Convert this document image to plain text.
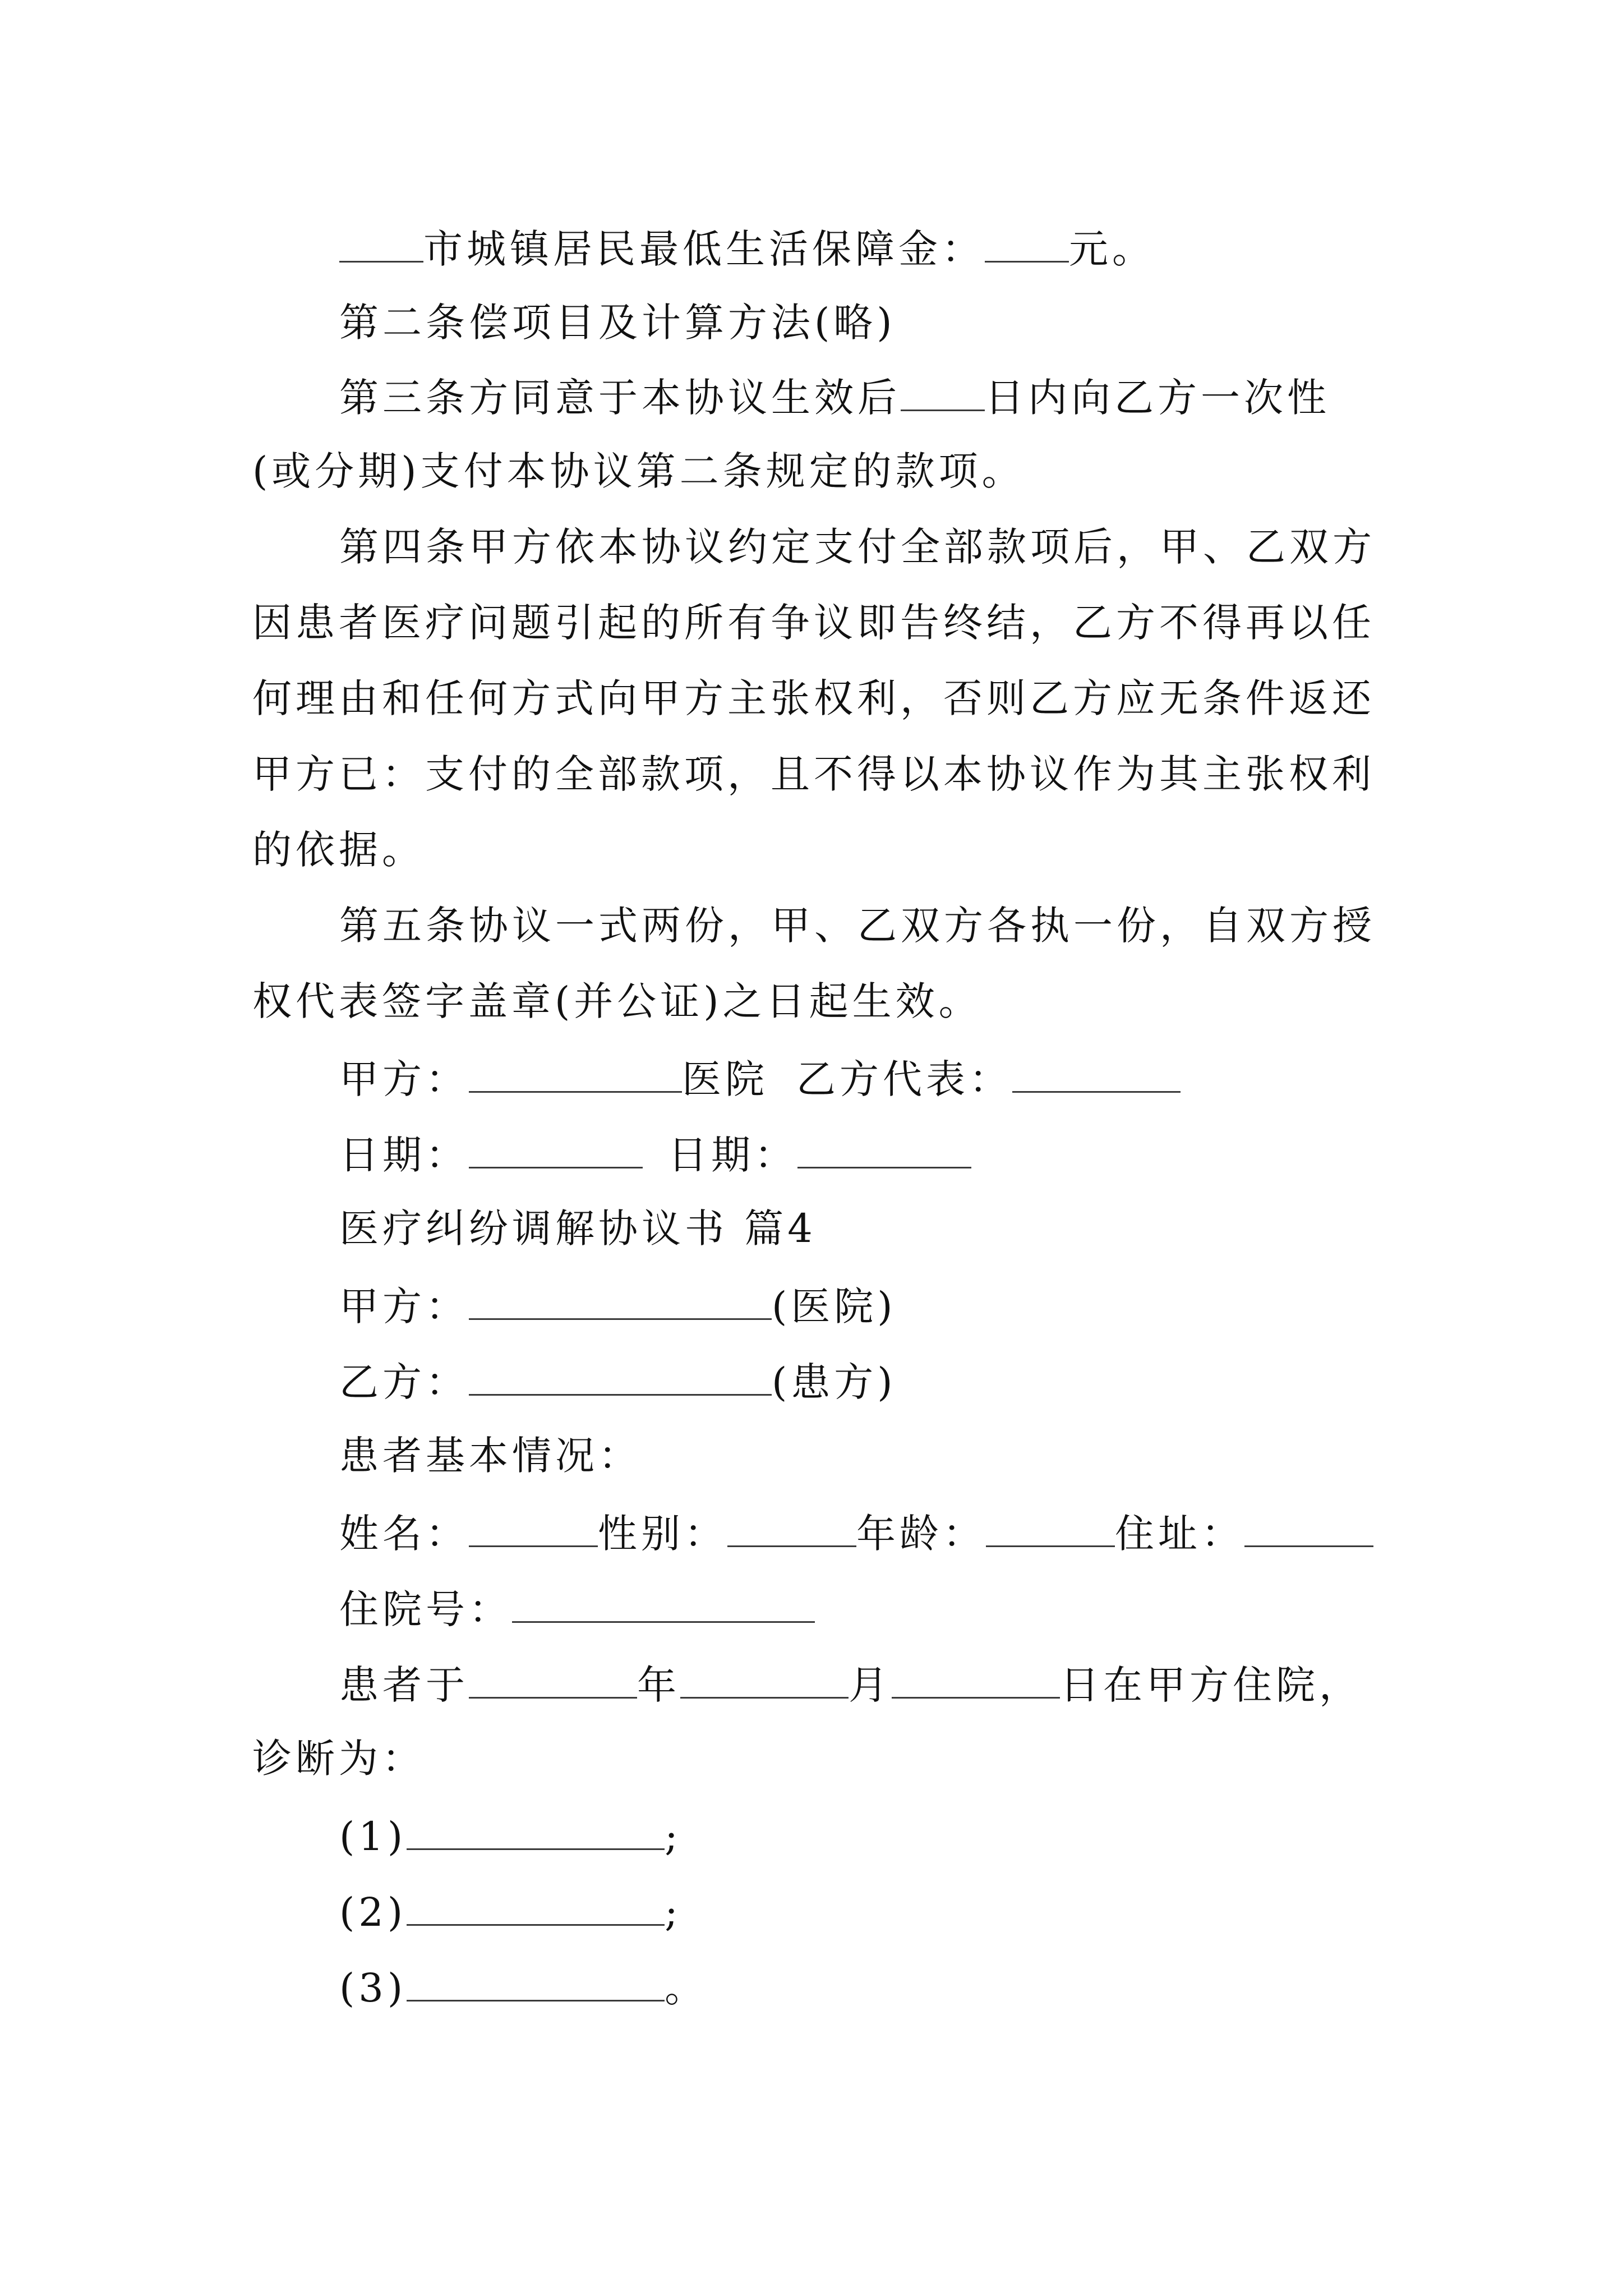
市城镇居民最低生活保障金： 元。
第二条偿项目及计算方法(略)
第三条方同意于本协议生效后 日内向乙方一次性
(或分期)支付本协议第二条规定的款项。
第四条甲方依本协议约定支付全部款项后，甲、乙双方
因患者医疗问题引起的所有争议即告终结，乙方不得再以任
何理由和任何方式向甲方主张权利，否则乙方应无条件返还
甲方已：支付的全部款项，且不得以本协议作为其主张权利
的依据。
第五条协议一式两份，甲、乙双方各执一份，自双方授
权代表签字盖章(并公证)之日起生效。
甲方：	医院 乙方代表：
日期：	日期：
医疗纠纷调解协议书 篇4
甲方：	(医院)
乙方：	(患方)
患者基本情况：
姓名：	性别：	年龄：	住址：
住院号：
患者于	年	月	日在甲方住院，
诊断为：
(1)	;
(2)	;
(3)	。
